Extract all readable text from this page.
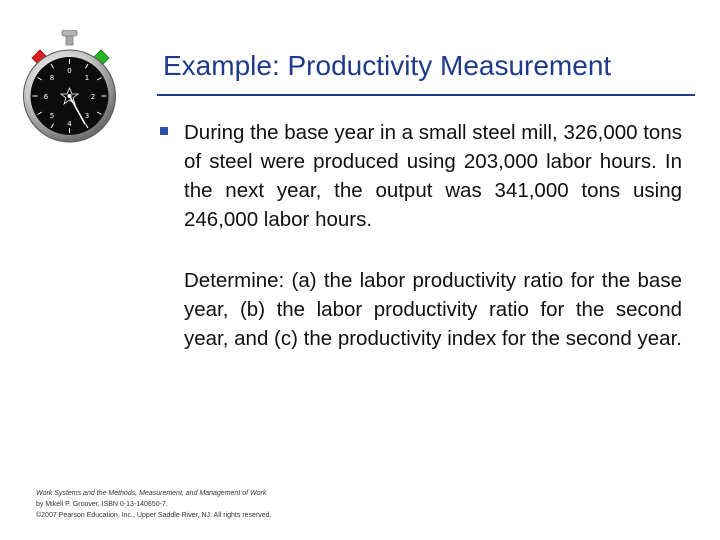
0
2
4
6
8	1
3
5
Example: Productivity Measurement

During the base year in a small steel mill, 326,000 tons of steel were produced using 203,000 labor hours. In the next year, the output was 341,000 tons using 246,000 labor hours.

Determine: (a) the labor productivity ratio for the base year, (b) the labor productivity ratio for the second year, and (c) the productivity index for the second year.

Work Systems and the Methods, Measurement, and Management of Work
by Mikell P. Groover, ISBN 0-13-140650-7.
©2007 Pearson Education, Inc., Upper Saddle River, NJ. All rights reserved.
